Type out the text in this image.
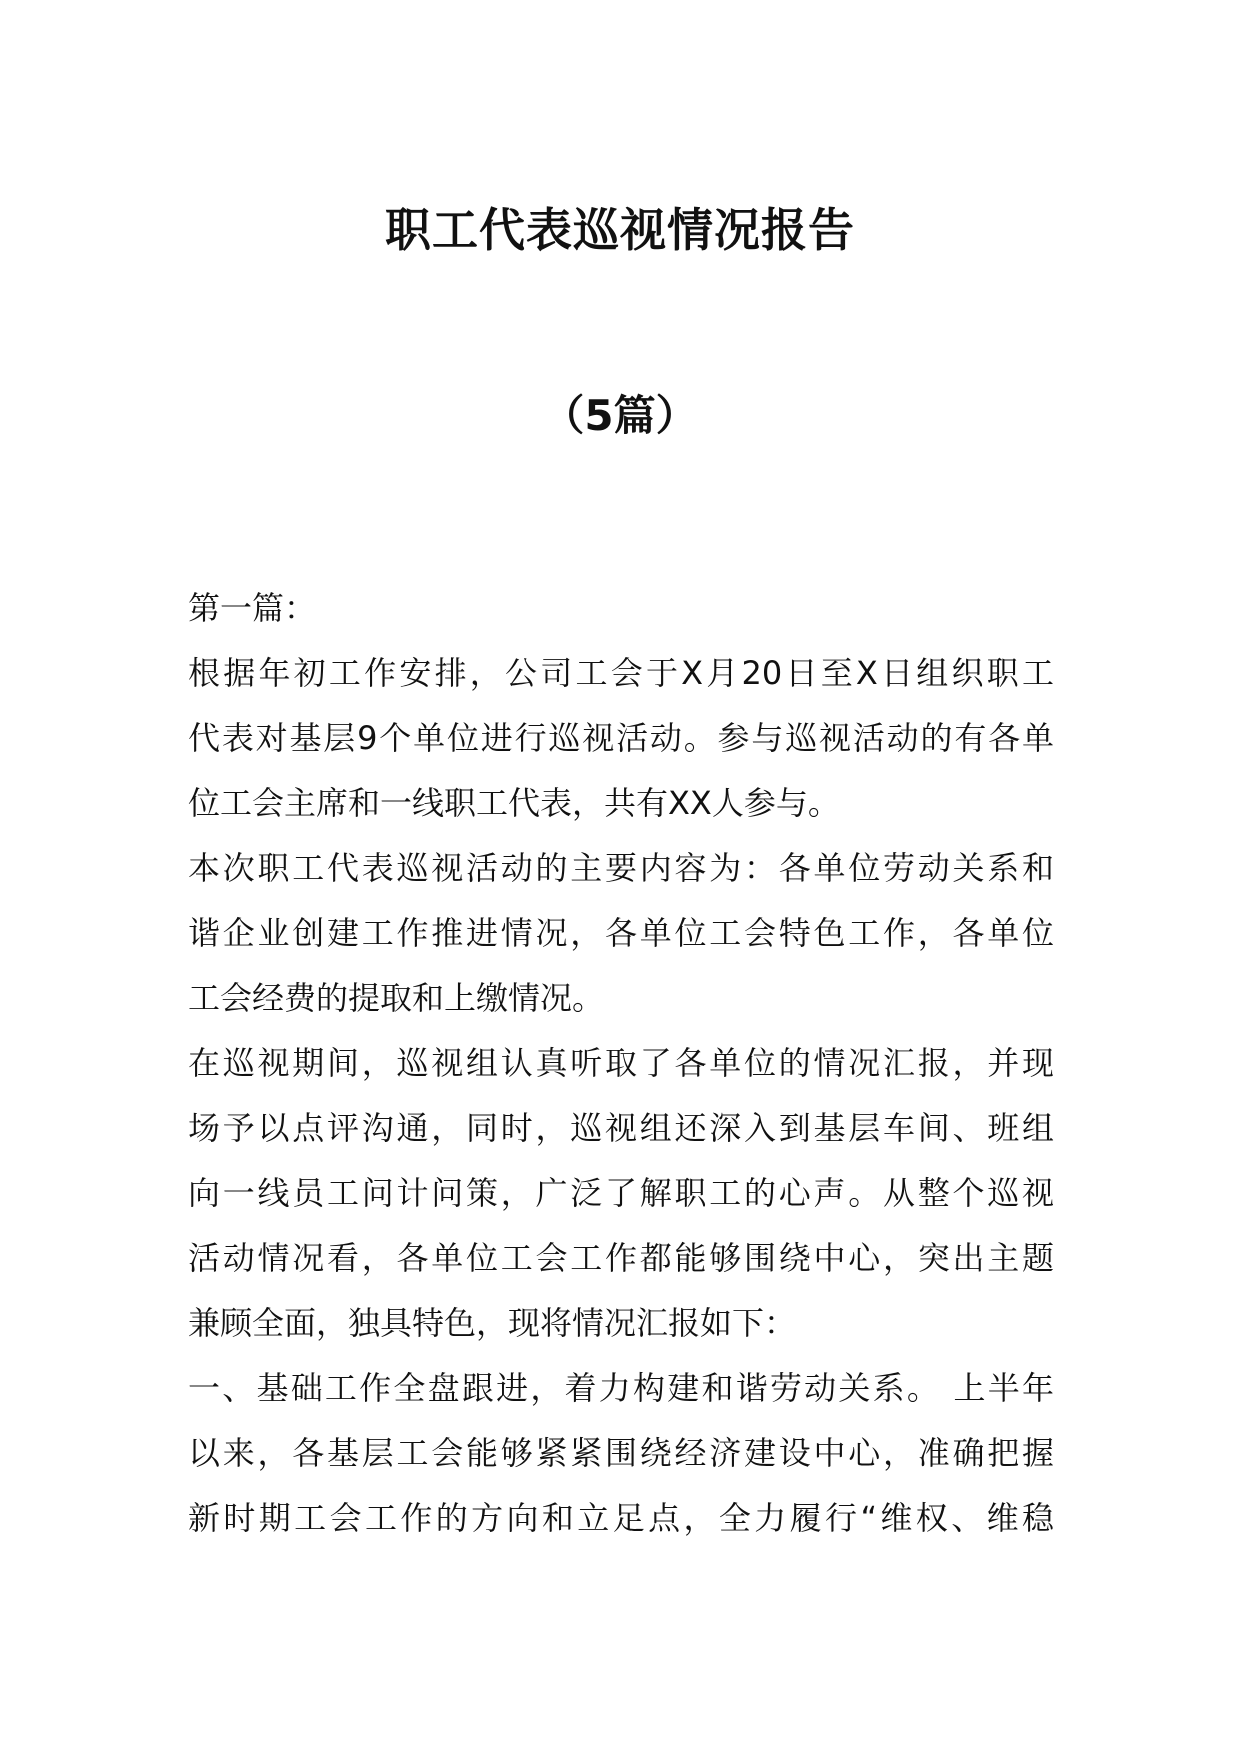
职工代表巡视情况报告
（5篇）
第一篇：
根据年初工作安排，公司工会于X月20日至X日组织职工
代表对基层9个单位进行巡视活动。参与巡视活动的有各单
位工会主席和一线职工代表，共有XX人参与。
本次职工代表巡视活动的主要内容为：各单位劳动关系和
谐企业创建工作推进情况，各单位工会特色工作，各单位
工会经费的提取和上缴情况。
在巡视期间，巡视组认真听取了各单位的情况汇报，并现
场予以点评沟通，同时，巡视组还深入到基层车间、班组
向一线员工问计问策，广泛了解职工的心声。从整个巡视
活动情况看，各单位工会工作都能够围绕中心，突出主题
兼顾全面，独具特色，现将情况汇报如下：
一、基础工作全盘跟进，着力构建和谐劳动关系。 上半年
以来，各基层工会能够紧紧围绕经济建设中心，准确把握
新时期工会工作的方向和立足点，全力履行“维权、维稳
